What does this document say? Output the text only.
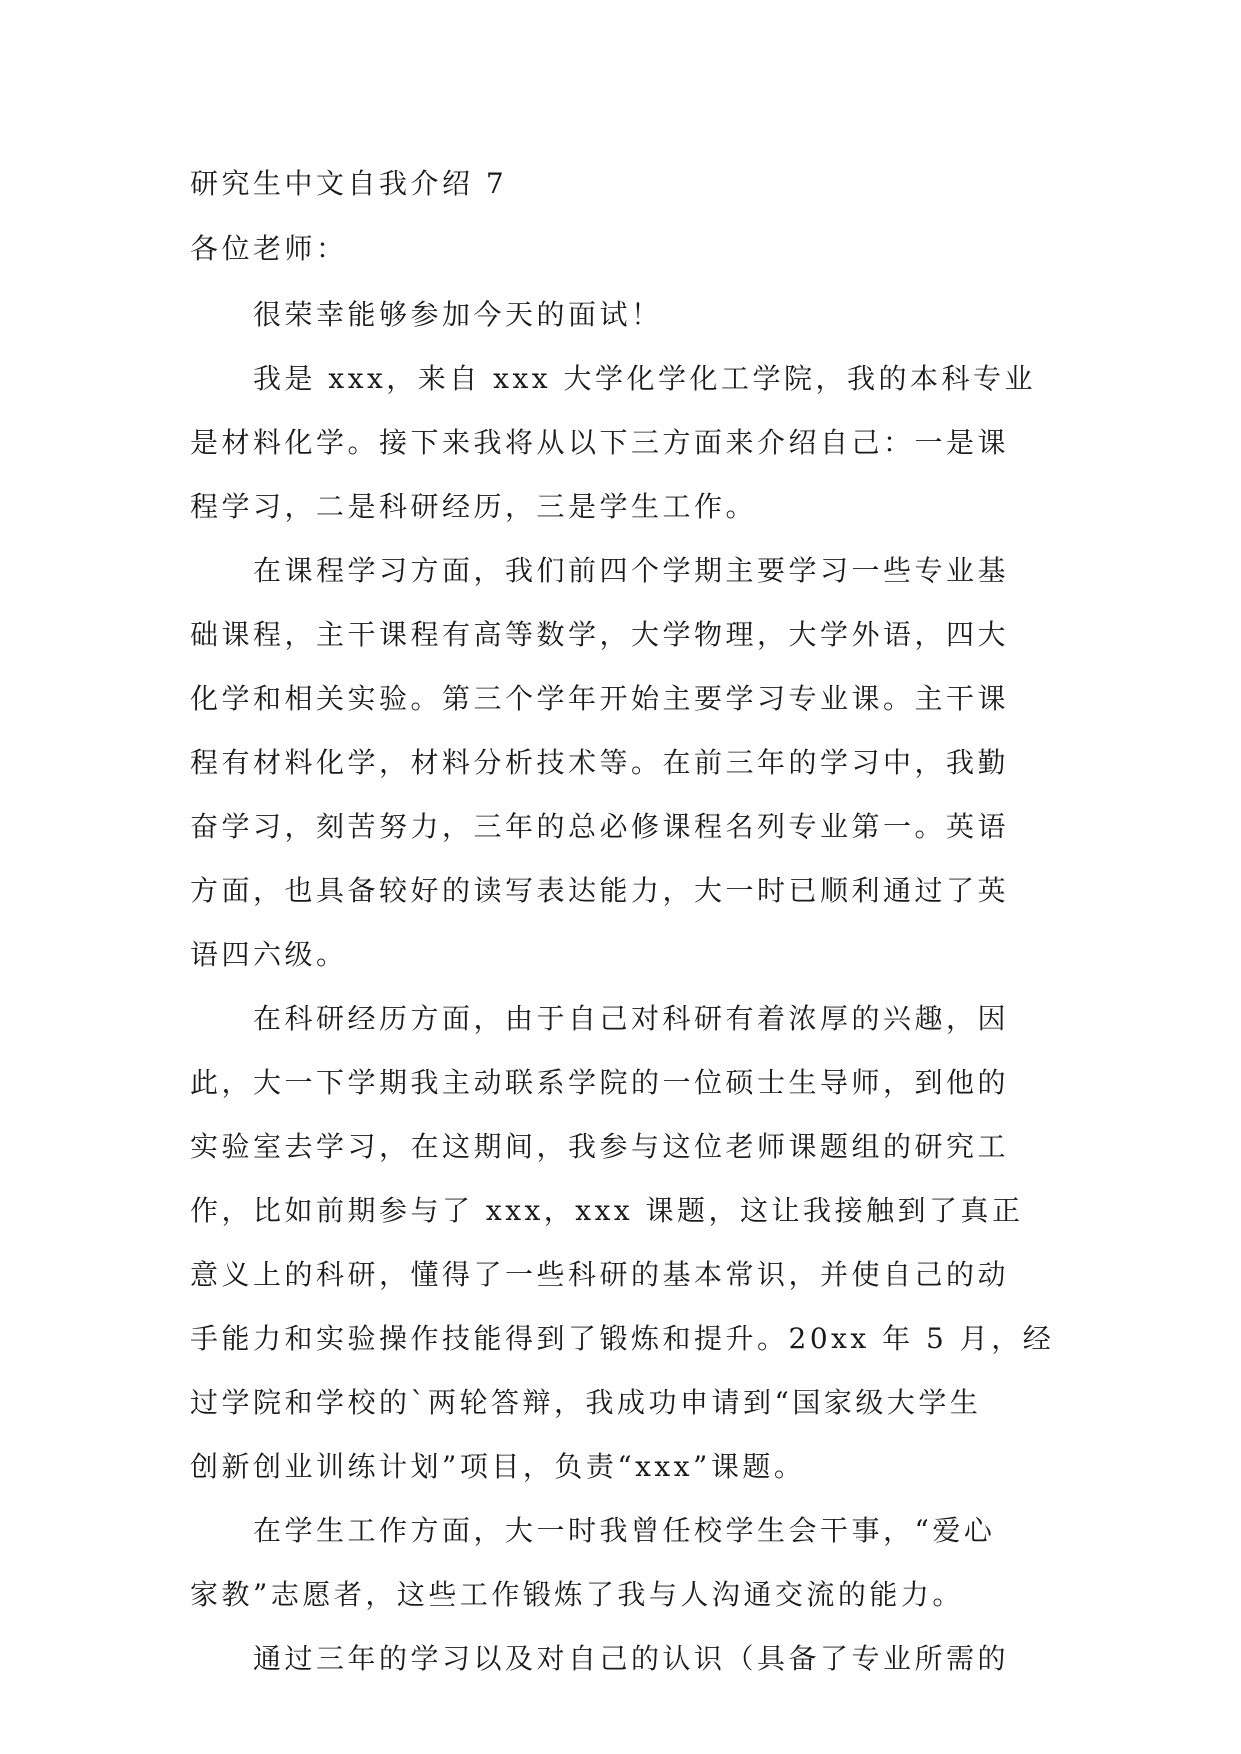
研究生中文自我介绍 7
各位老师：
　　很荣幸能够参加今天的面试！
　　我是 xxx，来自 xxx 大学化学化工学院，我的本科专业
是材料化学。接下来我将从以下三方面来介绍自己：一是课
程学习，二是科研经历，三是学生工作。
　　在课程学习方面，我们前四个学期主要学习一些专业基
础课程，主干课程有高等数学，大学物理，大学外语，四大
化学和相关实验。第三个学年开始主要学习专业课。主干课
程有材料化学，材料分析技术等。在前三年的学习中，我勤
奋学习，刻苦努力，三年的总必修课程名列专业第一。英语
方面，也具备较好的读写表达能力，大一时已顺利通过了英
语四六级。
　　在科研经历方面，由于自己对科研有着浓厚的兴趣，因
此，大一下学期我主动联系学院的一位硕士生导师，到他的
实验室去学习，在这期间，我参与这位老师课题组的研究工
作，比如前期参与了 xxx，xxx 课题，这让我接触到了真正
意义上的科研，懂得了一些科研的基本常识，并使自己的动
手能力和实验操作技能得到了锻炼和提升。20xx 年 5 月，经
过学院和学校的`两轮答辩，我成功申请到“国家级大学生
创新创业训练计划”项目，负责“xxx”课题。
　　在学生工作方面，大一时我曾任校学生会干事，“爱心
家教”志愿者，这些工作锻炼了我与人沟通交流的能力。
　　通过三年的学习以及对自己的认识（具备了专业所需的
